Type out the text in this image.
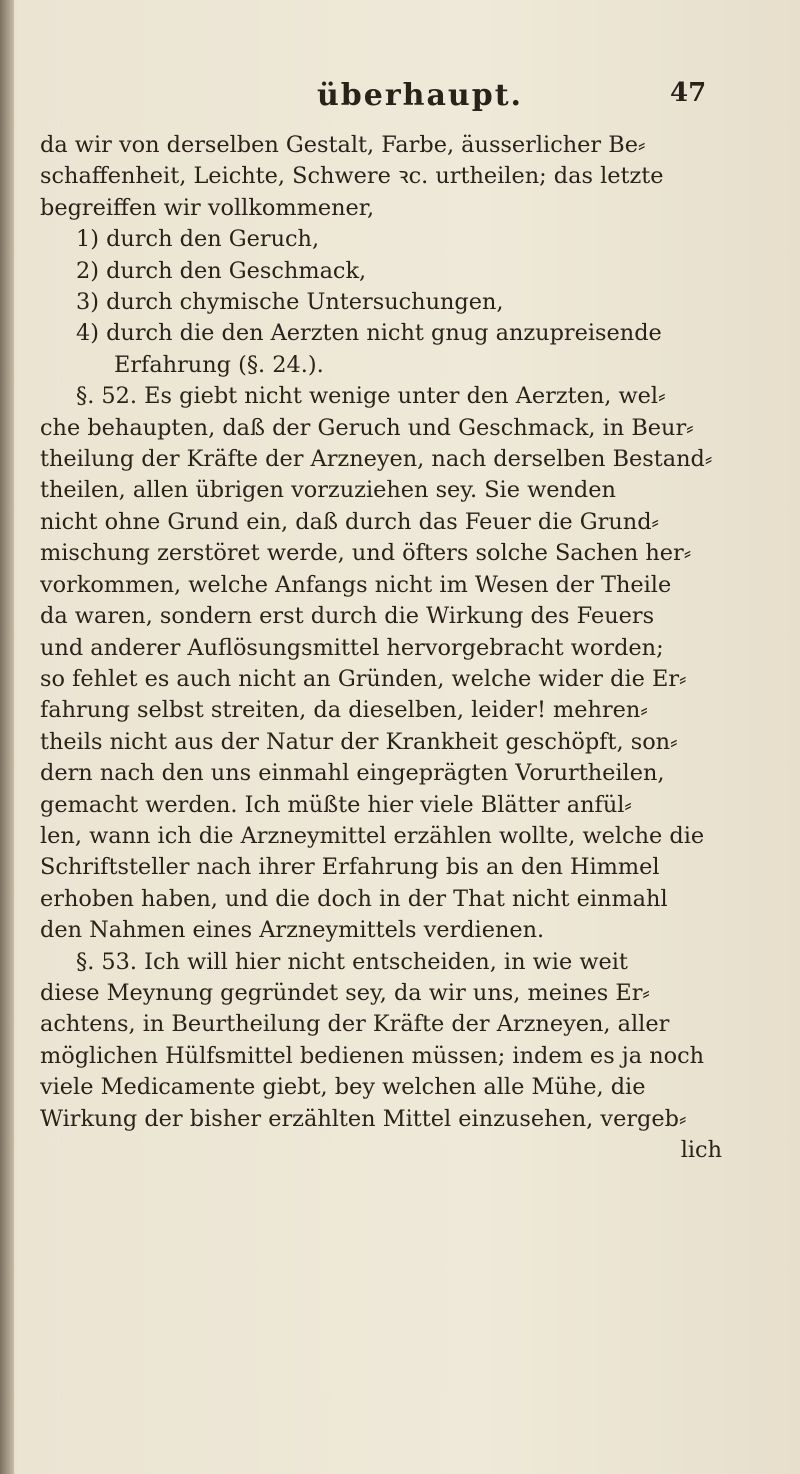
überhaupt.	47
da wir von derselben Gestalt, Farbe, äusserlicher Be⸗
schaffenheit, Leichte, Schwere ꝛc. urtheilen; das letzte
begreiffen wir vollkommener,
1) durch den Geruch,
2) durch den Geschmack,
3) durch chymische Untersuchungen,
4) durch die den Aerzten nicht gnug anzupreisende
Erfahrung (§. 24.).
§. 52. Es giebt nicht wenige unter den Aerzten, wel⸗
che behaupten, daß der Geruch und Geschmack, in Beur⸗
theilung der Kräfte der Arzneyen, nach derselben Bestand⸗
theilen, allen übrigen vorzuziehen sey. Sie wenden
nicht ohne Grund ein, daß durch das Feuer die Grund⸗
mischung zerstöret werde, und öfters solche Sachen her⸗
vorkommen, welche Anfangs nicht im Wesen der Theile
da waren, sondern erst durch die Wirkung des Feuers
und anderer Auflösungsmittel hervorgebracht worden;
so fehlet es auch nicht an Gründen, welche wider die Er⸗
fahrung selbst streiten, da dieselben, leider! mehren⸗
theils nicht aus der Natur der Krankheit geschöpft, son⸗
dern nach den uns einmahl eingeprägten Vorurtheilen,
gemacht werden. Ich müßte hier viele Blätter anfül⸗
len, wann ich die Arzneymittel erzählen wollte, welche die
Schriftsteller nach ihrer Erfahrung bis an den Himmel
erhoben haben, und die doch in der That nicht einmahl
den Nahmen eines Arzneymittels verdienen.
§. 53. Ich will hier nicht entscheiden, in wie weit
diese Meynung gegründet sey, da wir uns, meines Er⸗
achtens, in Beurtheilung der Kräfte der Arzneyen, aller
möglichen Hülfsmittel bedienen müssen; indem es ja noch
viele Medicamente giebt, bey welchen alle Mühe, die
Wirkung der bisher erzählten Mittel einzusehen, vergeb⸗
lich
